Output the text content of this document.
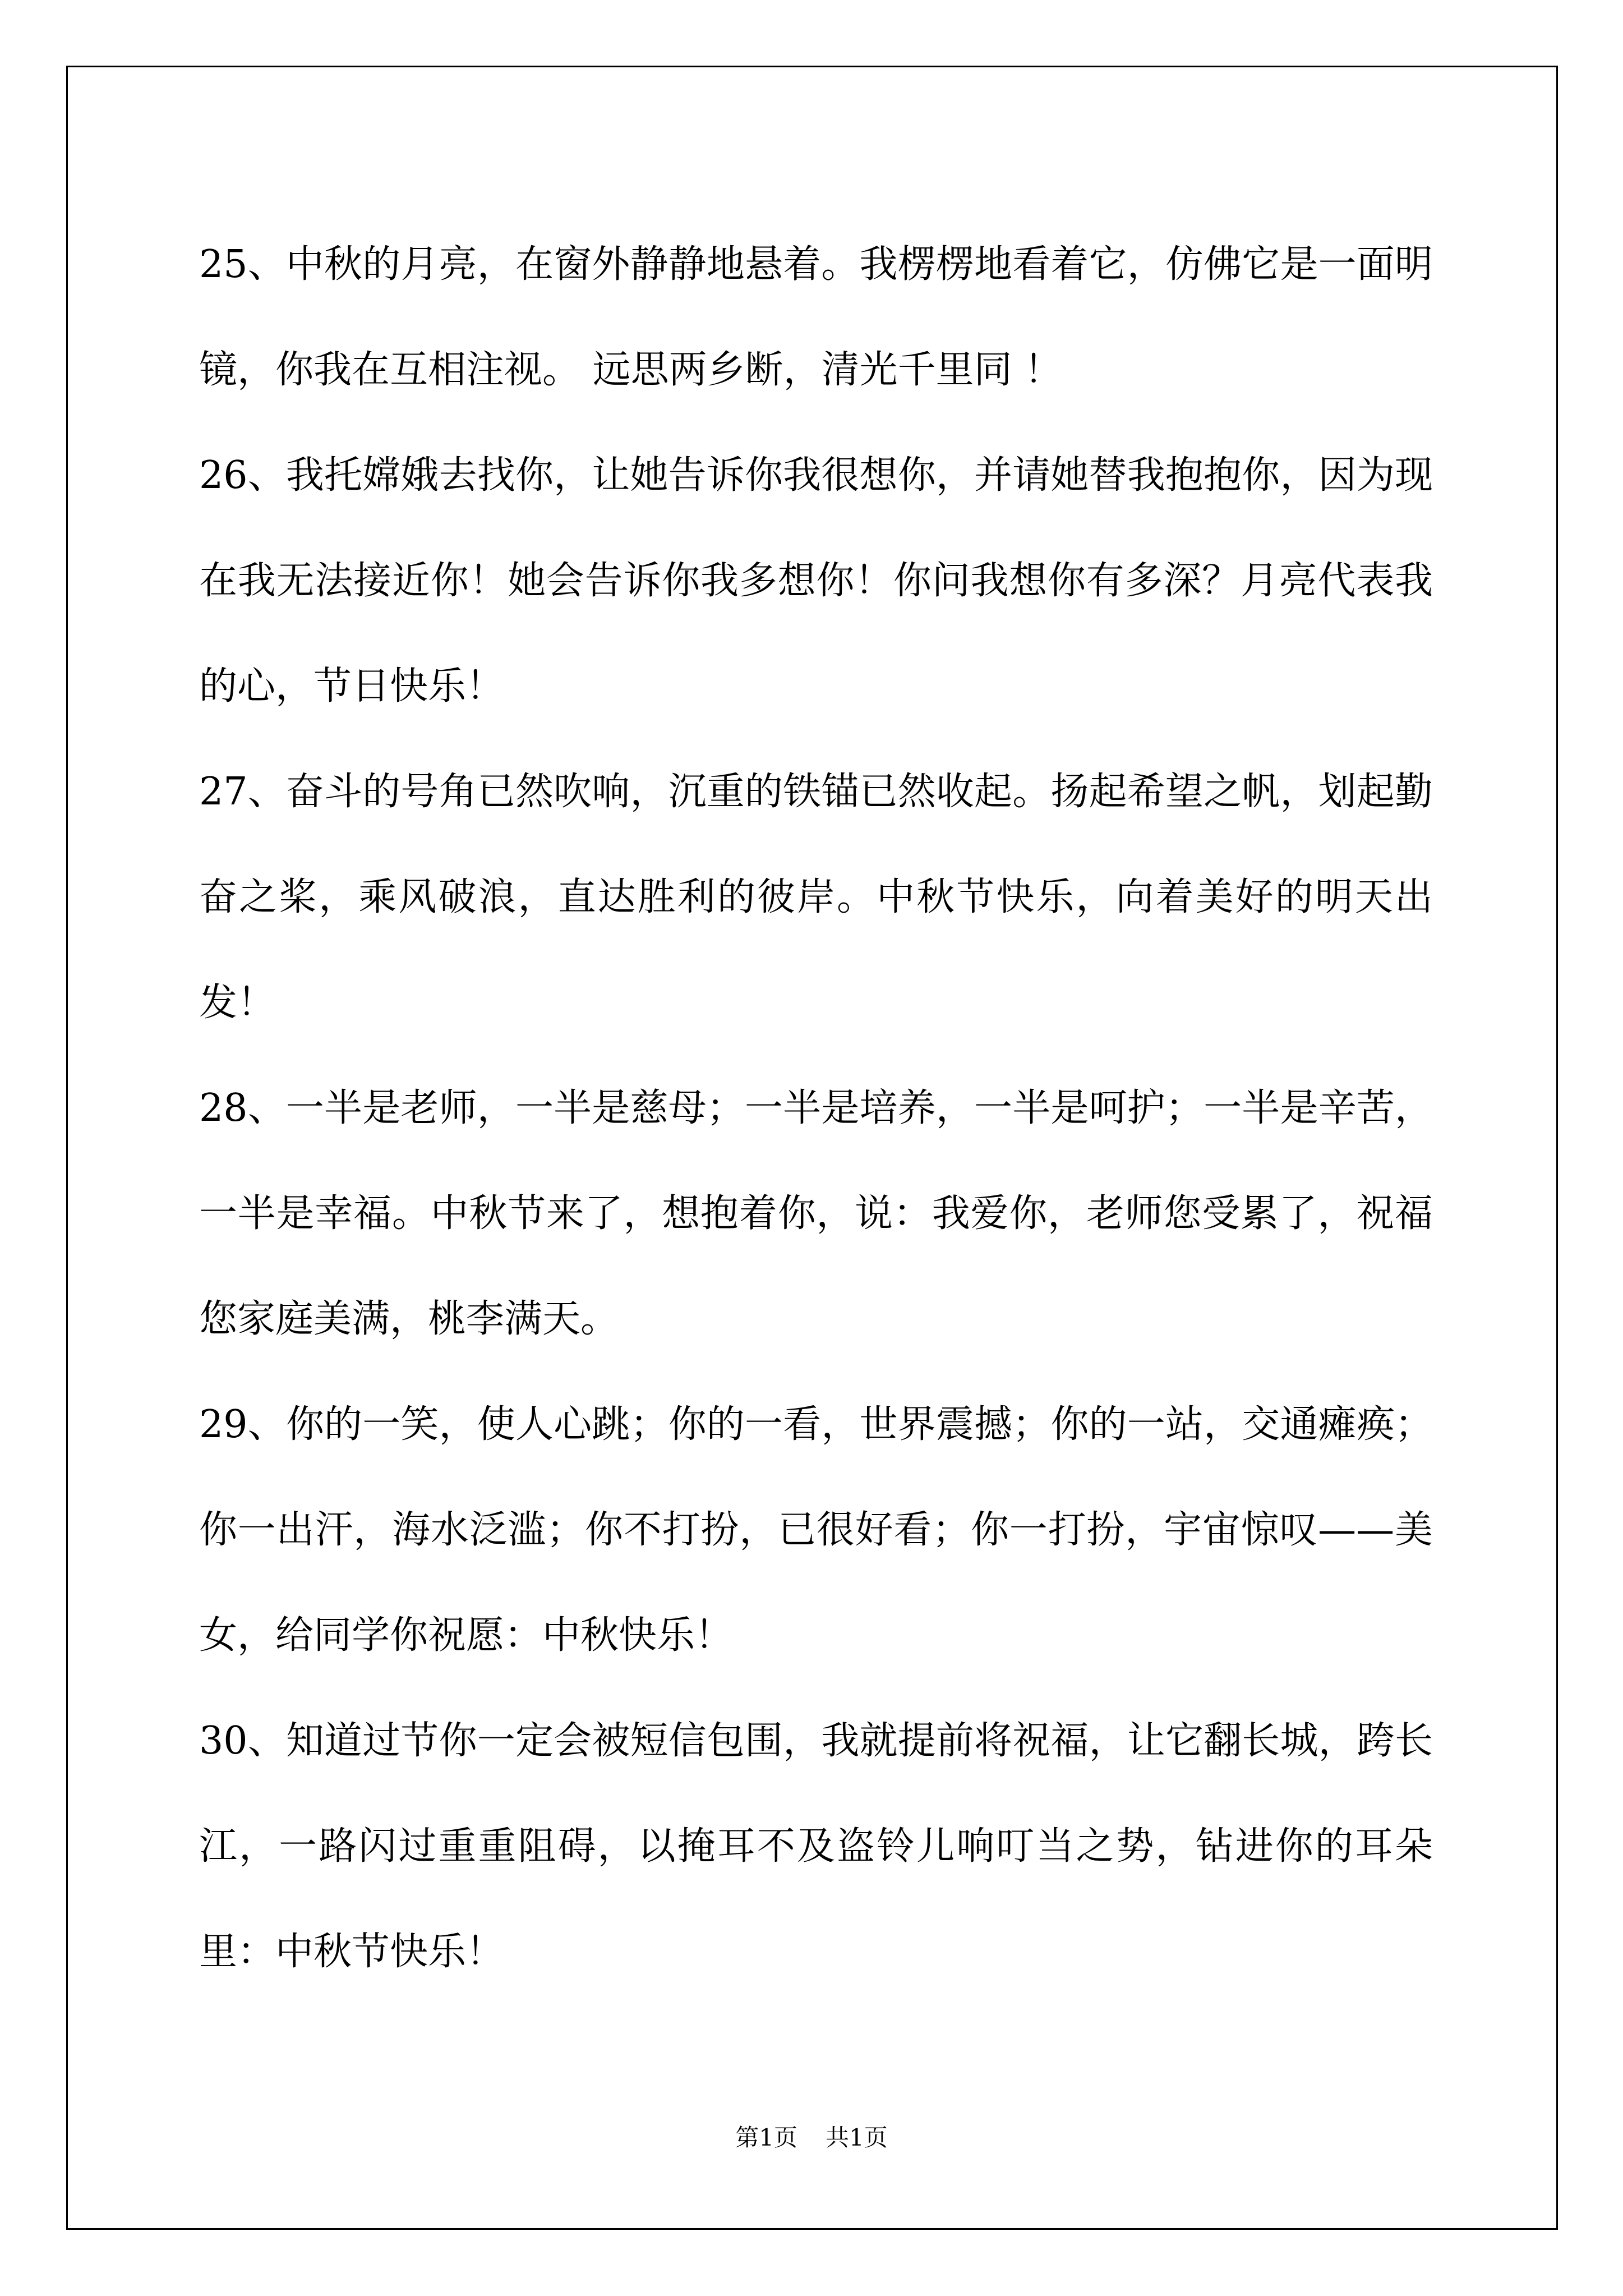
25、中秋的月亮，在窗外静静地悬着。我楞楞地看着它，仿佛它是一面明镜，你我在互相注视。 远思两乡断，清光千里同 ！

26、我托嫦娥去找你，让她告诉你我很想你，并请她替我抱抱你，因为现在我无法接近你！她会告诉你我多想你！你问我想你有多深？月亮代表我的心，节日快乐！

27、奋斗的号角已然吹响，沉重的铁锚已然收起。扬起希望之帆，划起勤奋之桨，乘风破浪，直达胜利的彼岸。中秋节快乐，向着美好的明天出发！

28、一半是老师，一半是慈母；一半是培养，一半是呵护；一半是辛苦，一半是幸福。中秋节来了，想抱着你，说：我爱你，老师您受累了，祝福您家庭美满，桃李满天。

29、你的一笑，使人心跳；你的一看，世界震撼；你的一站，交通瘫痪；你一出汗，海水泛滥；你不打扮，已很好看；你一打扮，宇宙惊叹——美女，给同学你祝愿：中秋快乐！

30、知道过节你一定会被短信包围，我就提前将祝福，让它翻长城，跨长江，一路闪过重重阻碍，以掩耳不及盗铃儿响叮当之势，钻进你的耳朵里：中秋节快乐！

第1页 共1页
